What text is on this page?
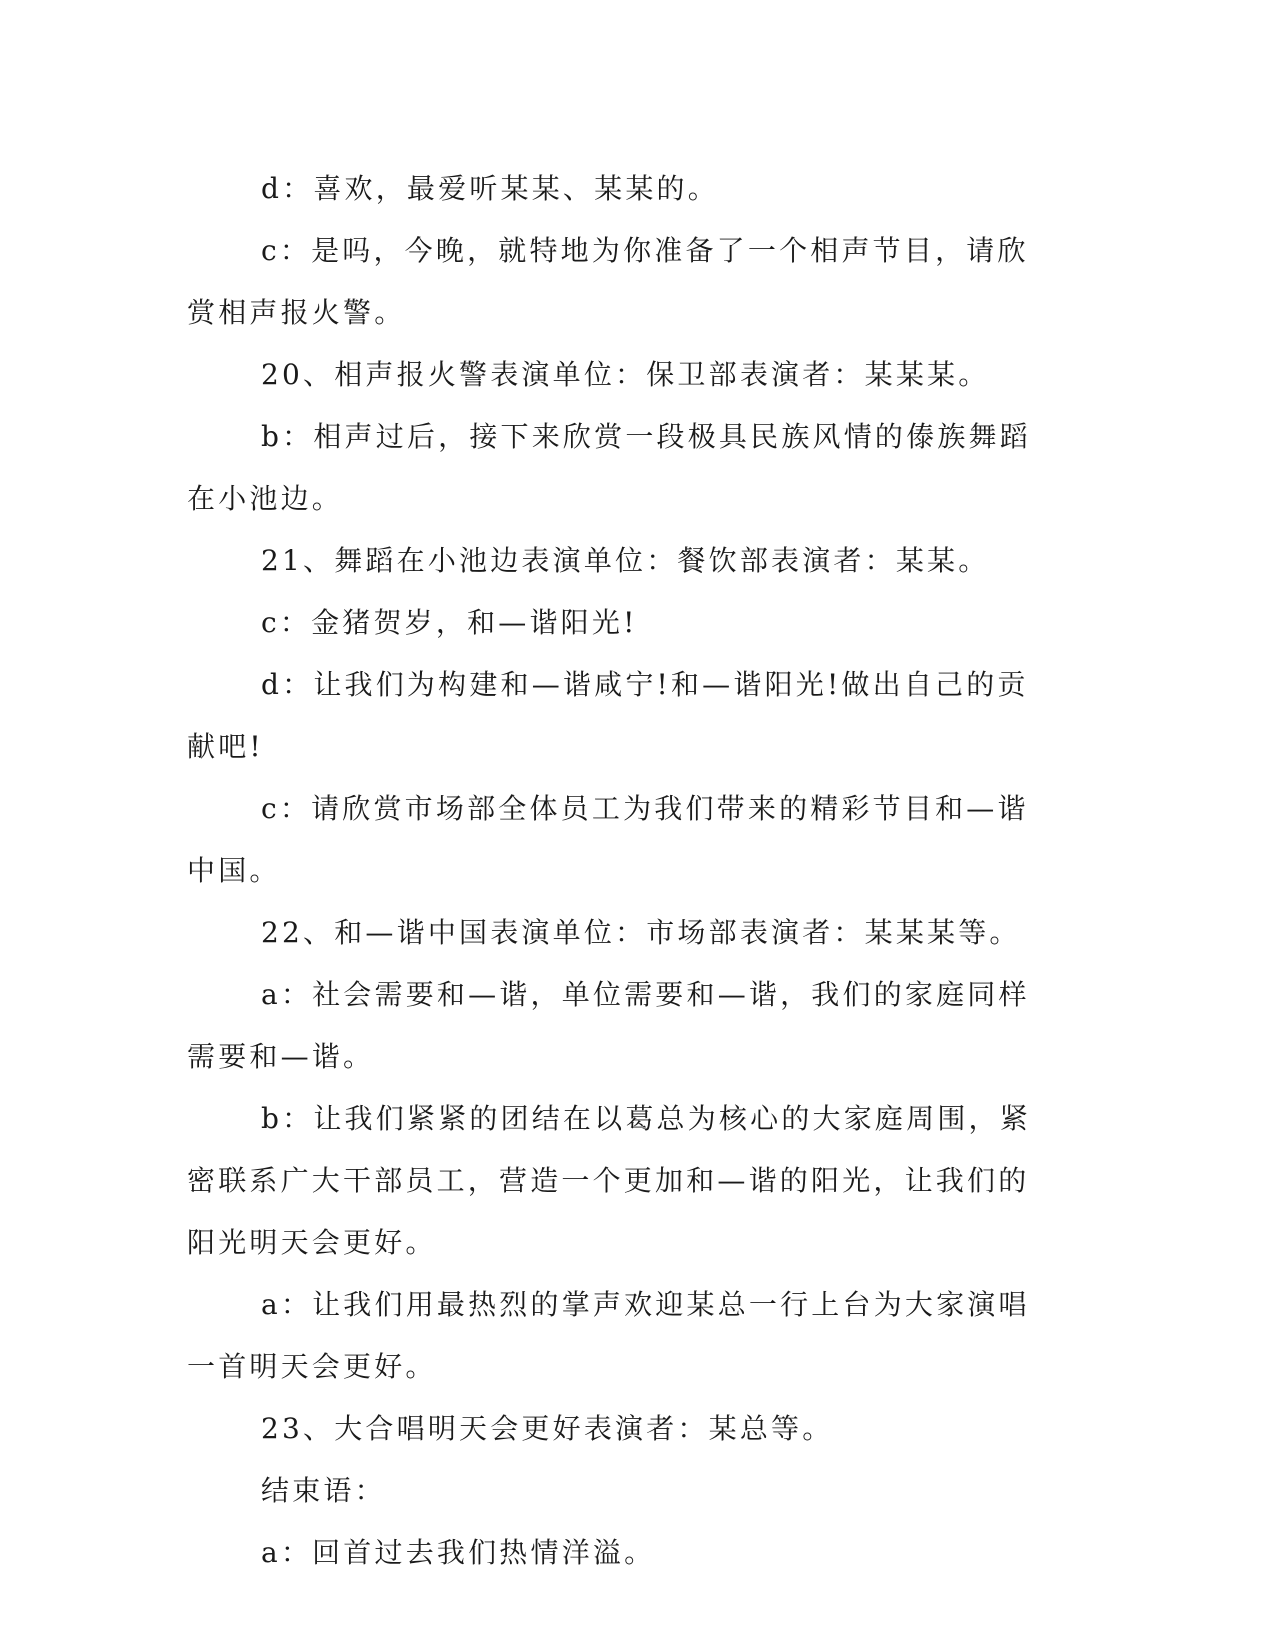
d：喜欢，最爱听某某、某某的。

c：是吗，今晚，就特地为你准备了一个相声节目，请欣赏相声报火警。

20、相声报火警表演单位：保卫部表演者：某某某。

b：相声过后，接下来欣赏一段极具民族风情的傣族舞蹈在小池边。

21、舞蹈在小池边表演单位：餐饮部表演者：某某。

c：金猪贺岁，和—谐阳光!

d：让我们为构建和—谐咸宁!和—谐阳光!做出自己的贡献吧!

c：请欣赏市场部全体员工为我们带来的精彩节目和—谐中国。

22、和—谐中国表演单位：市场部表演者：某某某等。

a：社会需要和—谐，单位需要和—谐，我们的家庭同样需要和—谐。

b：让我们紧紧的团结在以葛总为核心的大家庭周围，紧密联系广大干部员工，营造一个更加和—谐的阳光，让我们的阳光明天会更好。

a：让我们用最热烈的掌声欢迎某总一行上台为大家演唱一首明天会更好。

23、大合唱明天会更好表演者：某总等。

结束语：

a：回首过去我们热情洋溢。
